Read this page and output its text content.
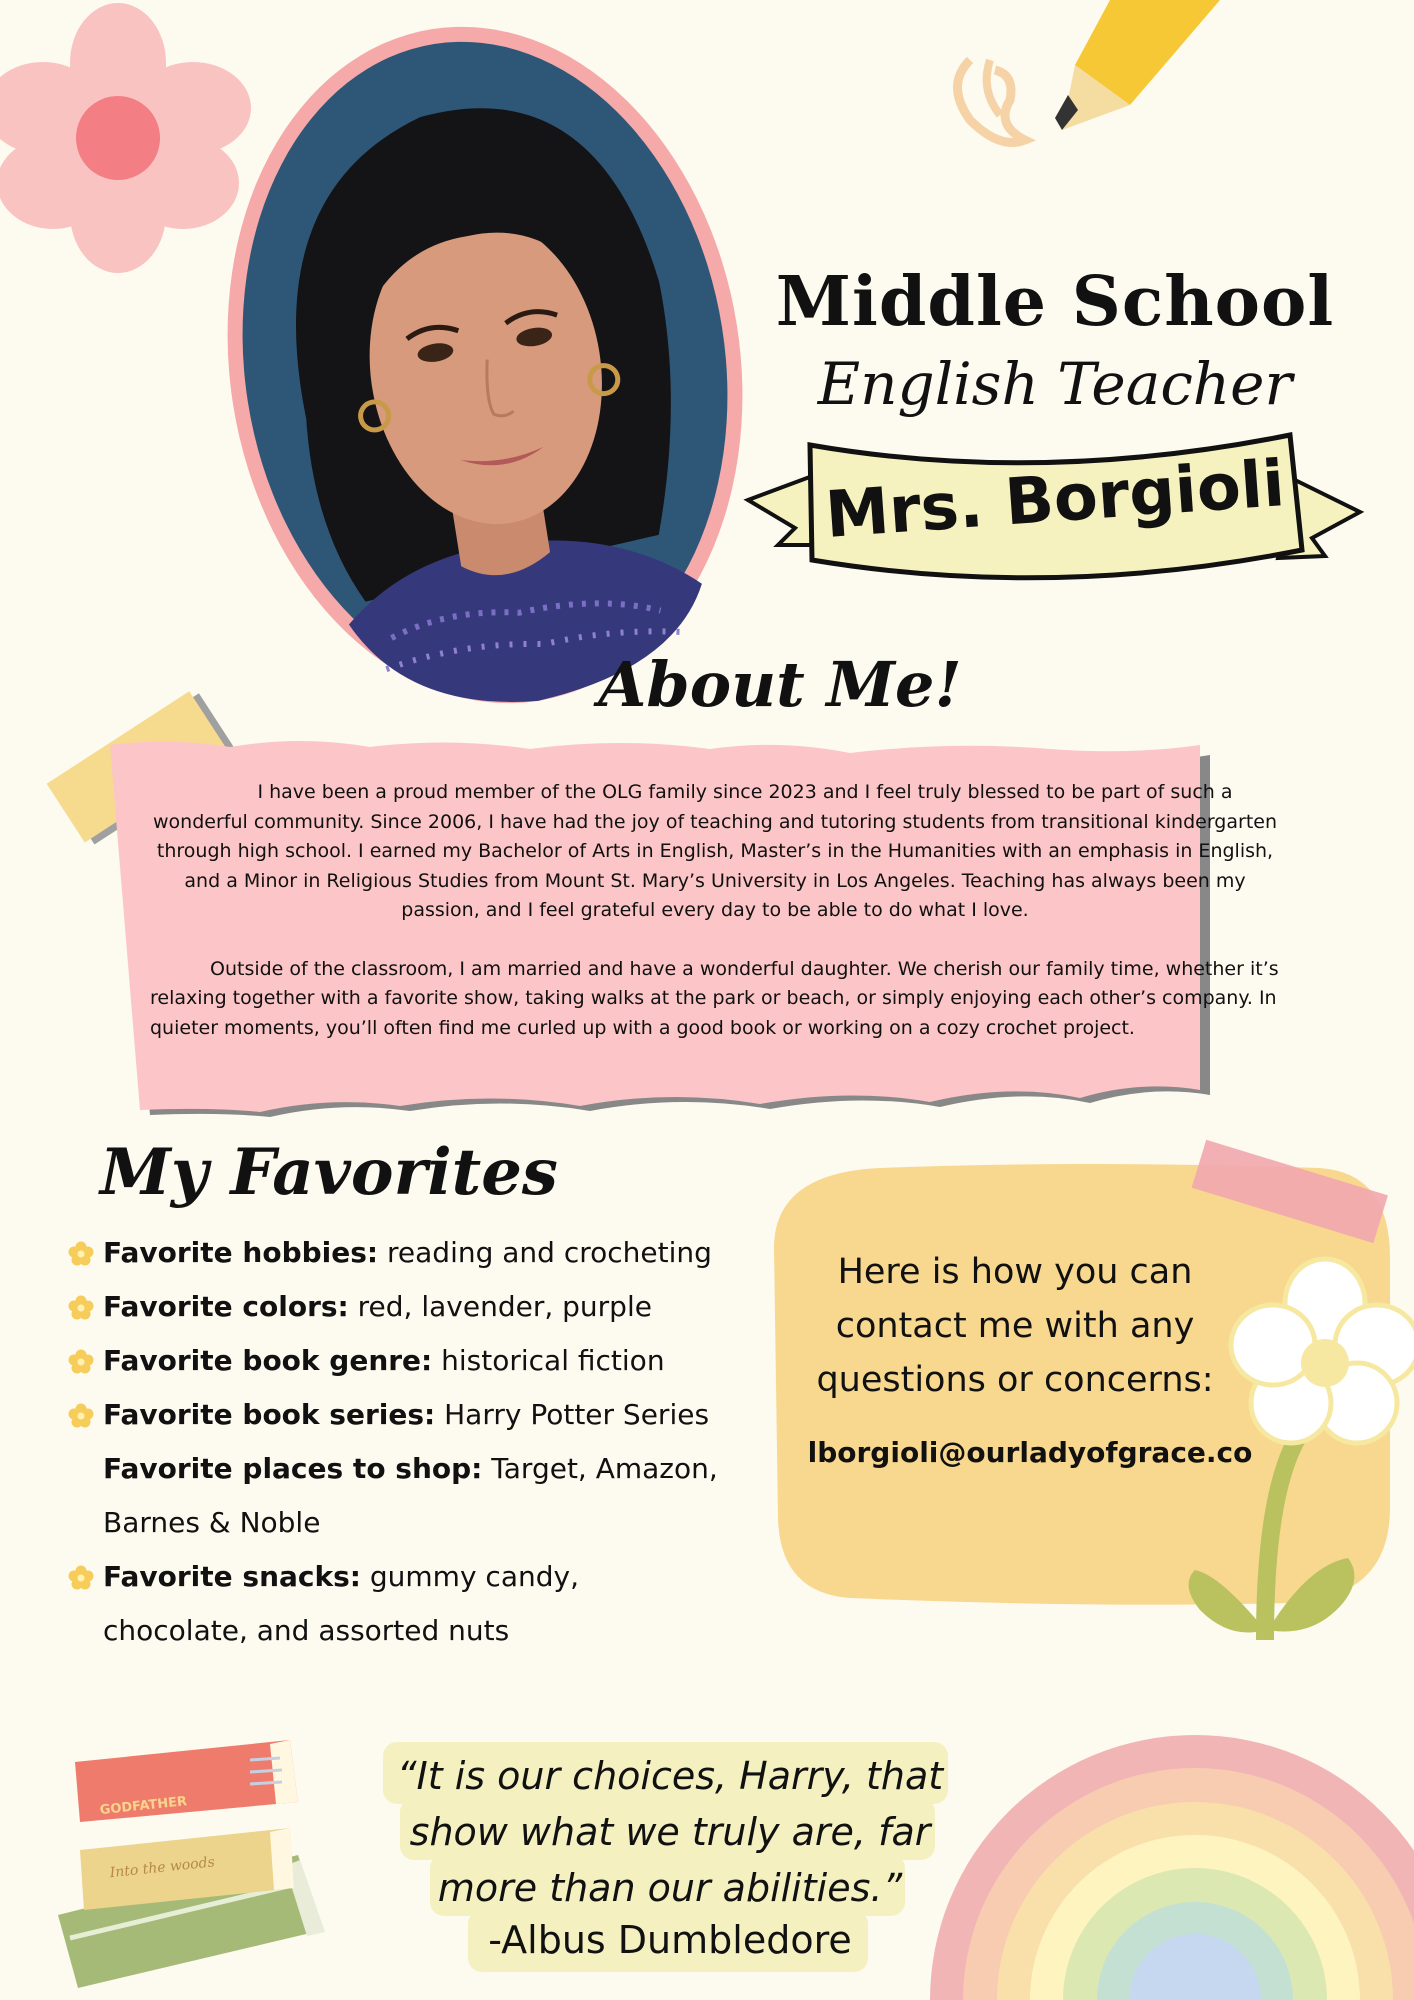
Middle School
English Teacher
Mrs. Borgioli
About Me!

I have been a proud member of the OLG family since 2023 and I feel truly blessed to be part of such a wonderful community. Since 2006, I have had the joy of teaching and tutoring students from transitional kindergarten through high school. I earned my Bachelor of Arts in English, Master’s in the Humanities with an emphasis in English, and a Minor in Religious Studies from Mount St. Mary’s University in Los Angeles. Teaching has always been my passion, and I feel grateful every day to be able to do what I love.

Outside of the classroom, I am married and have a wonderful daughter. We cherish our family time, whether it’s relaxing together with a favorite show, taking walks at the park or beach, or simply enjoying each other’s company. In quieter moments, you’ll often find me curled up with a good book or working on a cozy crochet project.

My Favorites
Favorite hobbies: reading and crocheting
Favorite colors: red, lavender, purple
Favorite book genre: historical fiction
Favorite book series: Harry Potter Series
Favorite places to shop: Target, Amazon, Barnes & Noble
Favorite snacks: gummy candy, chocolate, and assorted nuts
Here is how you can contact me with any questions or concerns:
lborgioli@ourladyofgrace.co
“It is our choices, Harry, that show what we truly are, far more than our abilities.”
-Albus Dumbledore
GODFATHER
Into the woods
